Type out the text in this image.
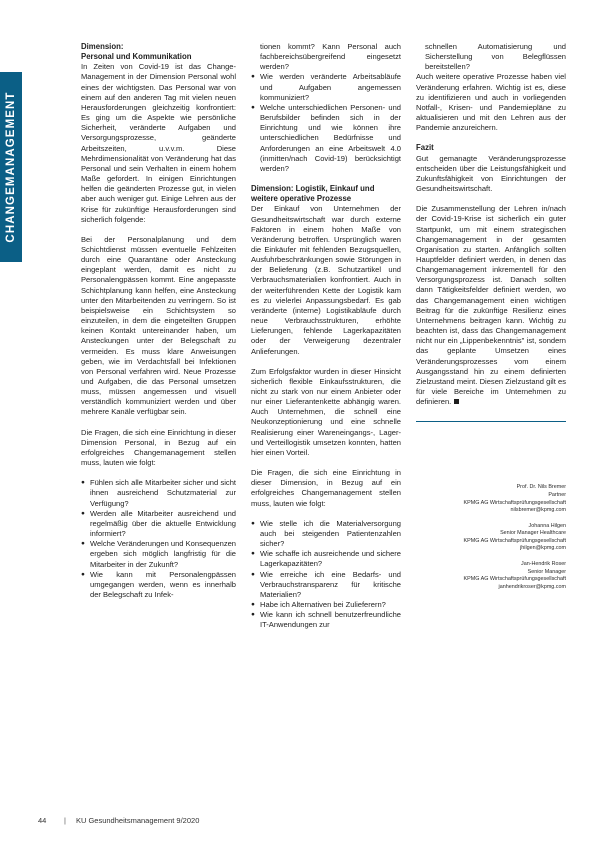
CHANGEMANAGEMENT
Dimension:
Personal und Kommunikation

In Zeiten von Covid-19 ist das Change-Management in der Dimension Personal wohl eines der wichtigsten. Das Personal war von einem auf den anderen Tag mit vielen neuen Herausforderungen gleichzeitig konfrontiert: Es ging um die Aspekte wie persönliche Sicherheit, veränderte Aufgaben und Versorgungsprozesse, geänderte Arbeitszeiten, u.v.v.m. Diese Mehrdimensionalität von Veränderung hat das Personal und sein Verhalten in einem hohem Maße gefordert. In einigen Einrichtungen helfen die geänderten Prozesse gut, in vielen aber auch weniger gut. Einige Lehren aus der Krise für zukünftige Herausforderungen sind sicherlich folgende:

Bei der Personalplanung und dem Schichtdienst müssen eventuelle Fehlzeiten durch eine Quarantäne oder Ansteckung eingeplant werden, damit es nicht zu Personalengpässen kommt. Eine angepasste Schichtplanung kann helfen, eine Ansteckung unter den Mitarbeitenden zu verringern. So ist beispielsweise ein Schichtsystem so einzuteilen, in dem die eingeteilten Gruppen keinen Kontakt untereinander haben, um Ansteckungen unter der Belegschaft zu vermeiden. Es muss klare Anweisungen geben, wie im Verdachtsfall bei Infektionen von Personal verfahren wird. Neue Prozesse und Aufgaben, die das Personal umsetzen muss, müssen angemessen und visuell verständlich kommuniziert werden und über mehrere Kanäle verfügbar sein.

Die Fragen, die sich eine Einrichtung in dieser Dimension Personal, in Bezug auf ein erfolgreiches Changemanagement stellen muss, lauten wie folgt:

● Fühlen sich alle Mitarbeiter sicher und sicht ihnen ausreichend Schutzmaterial zur Verfügung?
● Werden alle Mitarbeiter ausreichend und regelmäßig über die aktuelle Entwicklung informiert?
● Welche Veränderungen und Konsequenzen ergeben sich möglich langfristig für die Mitarbeiter in der Zukunft?
● Wie kann mit Personalengpässen umgegangen werden, wenn es innerhalb der Belegschaft zu Infek-

tionen kommt? Kann Personal auch fachbereichsübergreifend eingesetzt werden?

● Wie werden veränderte Arbeitsabläufe und Aufgaben angemessen kommuniziert?
● Welche unterschiedlichen Personen- und Berufsbilder befinden sich in der Einrichtung und wie können ihre unterschiedlichen Bedürfnisse und Anforderungen an eine Arbeitswelt 4.0 (inmitten/nach Covid-19) berücksichtigt werden?
Dimension: Logistik, Einkauf und weitere operative Prozesse

Der Einkauf von Unternehmen der Gesundheitswirtschaft war durch externe Faktoren in einem hohen Maße von Veränderung betroffen. Ursprünglich waren die Einkäufer mit fehlenden Bezugsquellen, Ausfuhrbeschränkungen sowie Störungen in der Belieferung (z.B. Schutzartikel und Verbrauchsmaterialien konfrontiert. Auch in der weiterführenden Kette der Logistik kam es zu vielerlei Anpassungsbedarf. Es gab veränderte (interne) Logistikabläufe durch neue Verbrauchsstrukturen, erhöhte Lieferungen, fehlende Lagerkapazitäten oder der Verweigerung dezentraler Anlieferungen.

Zum Erfolgsfaktor wurden in dieser Hinsicht sicherlich flexible Einkaufsstrukturen, die nicht zu stark von nur einem Anbieter oder nur einer Lieferantenkette abhängig waren. Auch Unternehmen, die schnell eine Neukonzeptionierung und eine schnelle Realisierung einer Wareneingangs-, Lager- und Verteillogistik umsetzen konnten, hatten hier einen Vorteil.

Die Fragen, die sich eine Einrichtung in dieser Dimension, in Bezug auf ein erfolgreiches Changemanagement stellen muss, lauten wie folgt:

● Wie stelle ich die Materialversorgung auch bei steigenden Patientenzahlen sicher?
● Wie schaffe ich ausreichende und sichere Lagerkapazitäten?
● Wie erreiche ich eine Bedarfs- und Verbrauchstransparenz für kritische Materialien?
● Habe ich Alternativen bei Zulieferern?
● Wie kann ich schnell benutzerfreundliche IT-Anwendungen zur

schnellen Automatisierung und Sicherstellung von Belegflüssen bereitstellen?

Auch weitere operative Prozesse haben viel Veränderung erfahren. Wichtig ist es, diese zu identifizieren und auch in vorliegenden Notfall-, Krisen- und Pandemiepläne zu aktualisieren und mit den Lehren aus der Pandemie anzureichern.

Fazit

Gut gemanagte Veränderungsprozesse entscheiden über die Leistungsfähigkeit und Zukunftsfähigkeit von Einrichtungen der Gesundheitswirtschaft.

Die Zusammenstellung der Lehren in/nach der Covid-19-Krise ist sicherlich ein guter Startpunkt, um mit einem strategischen Changemanagement in der gesamten Organisation zu starten. Anfänglich sollten Hauptfelder definiert werden, in denen das Changemanagement inkrementell für den Versorgungsprozess ist. Danach sollten dann Tätigkeitsfelder definiert werden, wo das Changemanagement einen wichtigen Beitrag für die zukünftige Resilienz eines Unternehmens beitragen kann. Wichtig zu beachten ist, dass das Changemanagement nicht nur ein „Lippenbekenntnis" ist, sondern das geplante Umsetzen eines Veränderungsprozesses vom einem Ausgangsstand hin zu einem definierten Zielzustand meint. Diesen Zielzustand gilt es für viele Bereiche im Unternehmen zu definieren.

Prof. Dr. Nils Bremer
Partner
KPMG AG Wirtschaftsprüfungsgesellschaft
nilsbremer@kpmg.com
Johanna Hilgen
Senior Manager Healthcare
KPMG AG Wirtschaftsprüfungsgesellschaft
jhilgen@kpmg.com
Jan-Hendrik Roser
Senior Manager
KPMG AG Wirtschaftsprüfungsgesellschaft
janhendrikroser@kpmg.com
44 | KU Gesundheitsmanagement 9/2020
